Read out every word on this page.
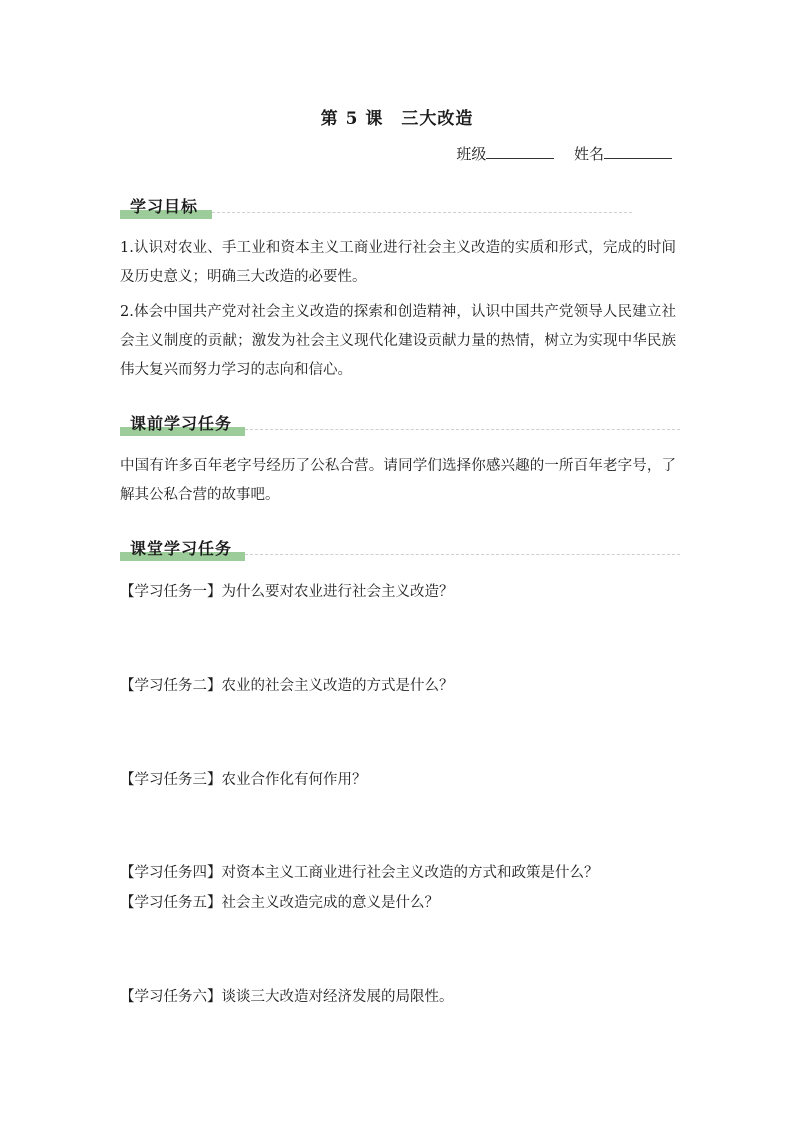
第 5 课　三大改造
班级	姓名
学习目标
1.认识对农业、手工业和资本主义工商业进行社会主义改造的实质和形式，完成的时间及历史意义；明确三大改造的必要性。
2.体会中国共产党对社会主义改造的探索和创造精神，认识中国共产党领导人民建立社会主义制度的贡献；激发为社会主义现代化建设贡献力量的热情，树立为实现中华民族伟大复兴而努力学习的志向和信心。
课前学习任务
中国有许多百年老字号经历了公私合营。请同学们选择你感兴趣的一所百年老字号，了解其公私合营的故事吧。
课堂学习任务
【学习任务一】为什么要对农业进行社会主义改造？
【学习任务二】农业的社会主义改造的方式是什么？
【学习任务三】农业合作化有何作用？
【学习任务四】对资本主义工商业进行社会主义改造的方式和政策是什么？
【学习任务五】社会主义改造完成的意义是什么？
【学习任务六】谈谈三大改造对经济发展的局限性。
